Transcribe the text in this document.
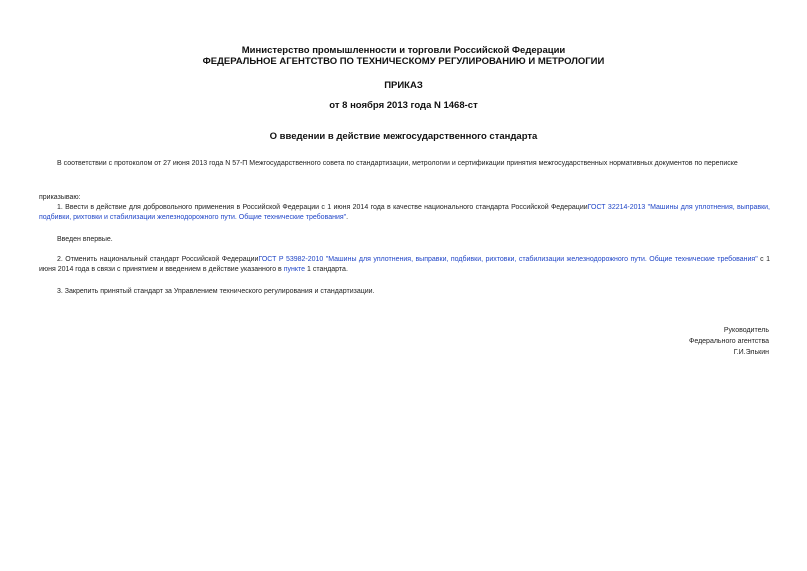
Министерство промышленности и торговли Российской Федерации
ФЕДЕРАЛЬНОЕ АГЕНТСТВО ПО ТЕХНИЧЕСКОМУ РЕГУЛИРОВАНИЮ И МЕТРОЛОГИИ
ПРИКАЗ
от 8 ноября 2013 года N 1468-ст
О введении в действие межгосударственного стандарта
В соответствии с протоколом от 27 июня 2013 года N 57-П Межгосударственного совета по стандартизации, метрологии и сертификации принятия межгосударственных нормативных документов по переписке
приказываю:
1. Ввести в действие для добровольного применения в Российской Федерации с 1 июня 2014 года в качестве национального стандарта Российской ФедерацииГОСТ 32214-2013 "Машины для уплотнения, выправки, подбивки, рихтовки и стабилизации железнодорожного пути. Общие технические требования".
Введен впервые.
2. Отменить национальный стандарт Российской ФедерацииГОСТ Р 53982-2010 "Машины для уплотнения, выправки, подбивки, рихтовки, стабилизации железнодорожного пути. Общие технические требования" с 1 июня 2014 года в связи с принятием и введением в действие указанного в пункте 1 стандарта.
3. Закрепить принятый стандарт за Управлением технического регулирования и стандартизации.
Руководитель
Федерального агентства
Г.И.Элькин
